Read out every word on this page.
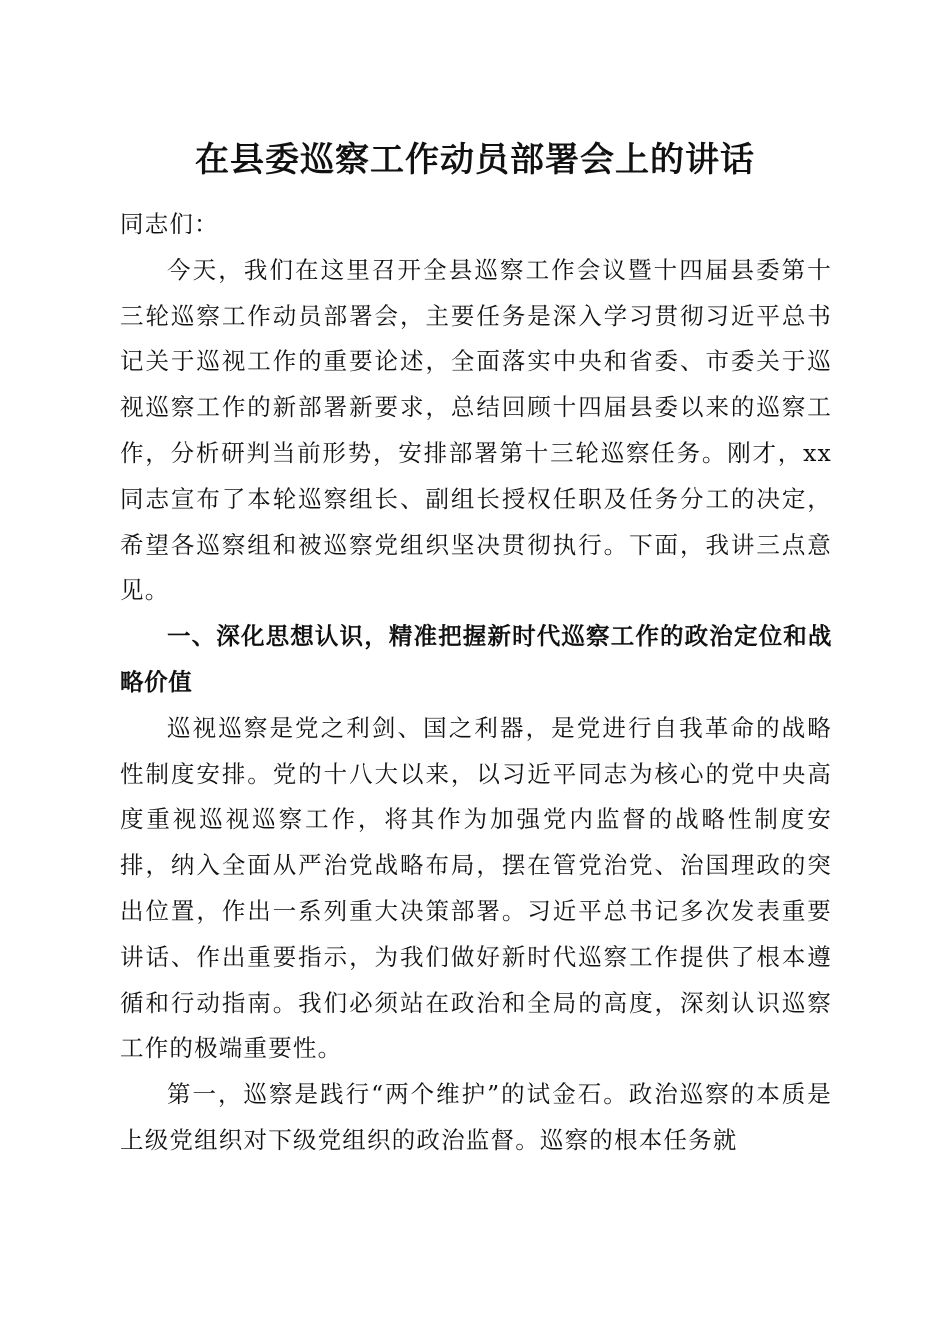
在县委巡察工作动员部署会上的讲话

同志们：

今天，我们在这里召开全县巡察工作会议暨十四届县委第十三轮巡察工作动员部署会，主要任务是深入学习贯彻习近平总书记关于巡视工作的重要论述，全面落实中央和省委、市委关于巡视巡察工作的新部署新要求，总结回顾十四届县委以来的巡察工作，分析研判当前形势，安排部署第十三轮巡察任务。刚才，xx同志宣布了本轮巡察组长、副组长授权任职及任务分工的决定，希望各巡察组和被巡察党组织坚决贯彻执行。下面，我讲三点意见。

一、深化思想认识，精准把握新时代巡察工作的政治定位和战略价值

巡视巡察是党之利剑、国之利器，是党进行自我革命的战略性制度安排。党的十八大以来，以习近平同志为核心的党中央高度重视巡视巡察工作，将其作为加强党内监督的战略性制度安排，纳入全面从严治党战略布局，摆在管党治党、治国理政的突出位置，作出一系列重大决策部署。习近平总书记多次发表重要讲话、作出重要指示，为我们做好新时代巡察工作提供了根本遵循和行动指南。我们必须站在政治和全局的高度，深刻认识巡察工作的极端重要性。

第一，巡察是践行“两个维护”的试金石。政治巡察的本质是上级党组织对下级党组织的政治监督。巡察的根本任务就
